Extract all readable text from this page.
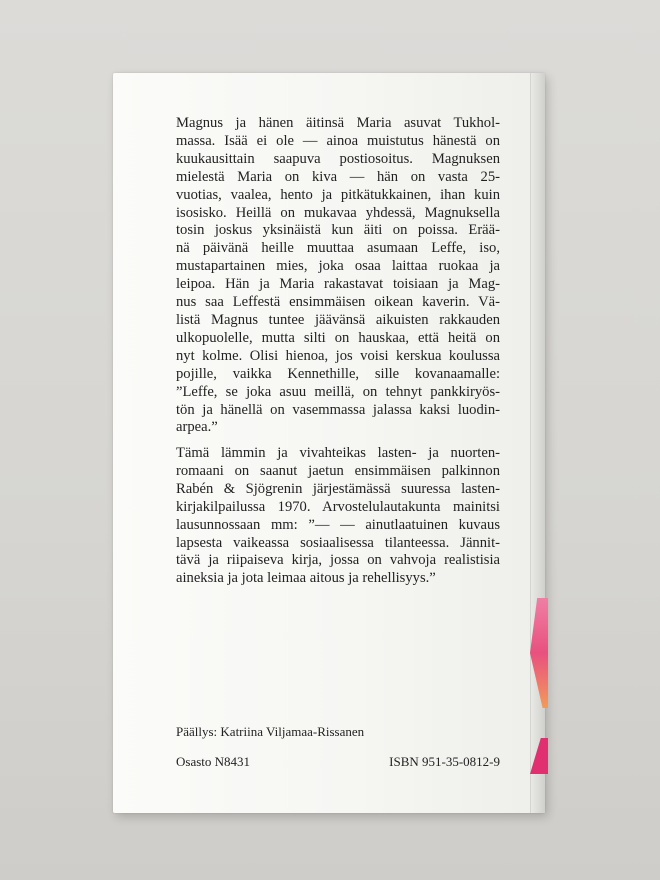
Magnus ja hänen äitinsä Maria asuvat Tukhol-
massa. Isää ei ole — ainoa muistutus hänestä on
kuukausittain saapuva postiosoitus. Magnuksen
mielestä Maria on kiva — hän on vasta 25-
vuotias, vaalea, hento ja pitkätukkainen, ihan kuin
isosisko. Heillä on mukavaa yhdessä, Magnuksella
tosin joskus yksinäistä kun äiti on poissa. Erää-
nä päivänä heille muuttaa asumaan Leffe, iso,
mustapartainen mies, joka osaa laittaa ruokaa ja
leipoa. Hän ja Maria rakastavat toisiaan ja Mag-
nus saa Leffestä ensimmäisen oikean kaverin. Vä-
listä Magnus tuntee jäävänsä aikuisten rakkauden
ulkopuolelle, mutta silti on hauskaa, että heitä on
nyt kolme. Olisi hienoa, jos voisi kerskua koulussa
pojille, vaikka Kennethille, sille kovanaamalle:
”Leffe, se joka asuu meillä, on tehnyt pankkiryös-
tön ja hänellä on vasemmassa jalassa kaksi luodin-
arpea.”

Tämä lämmin ja vivahteikas lasten- ja nuorten-
romaani on saanut jaetun ensimmäisen palkinnon
Rabén & Sjögrenin järjestämässä suuressa lasten-
kirjakilpailussa 1970. Arvostelulautakunta mainitsi
lausunnossaan mm: ”— — ainutlaatuinen kuvaus
lapsesta vaikeassa sosiaalisessa tilanteessa. Jännit-
tävä ja riipaiseva kirja, jossa on vahvoja realistisia
aineksia ja jota leimaa aitous ja rehellisyys.”

Päällys: Katriina Viljamaa-Rissanen

Osasto N8431	ISBN 951-35-0812-9
